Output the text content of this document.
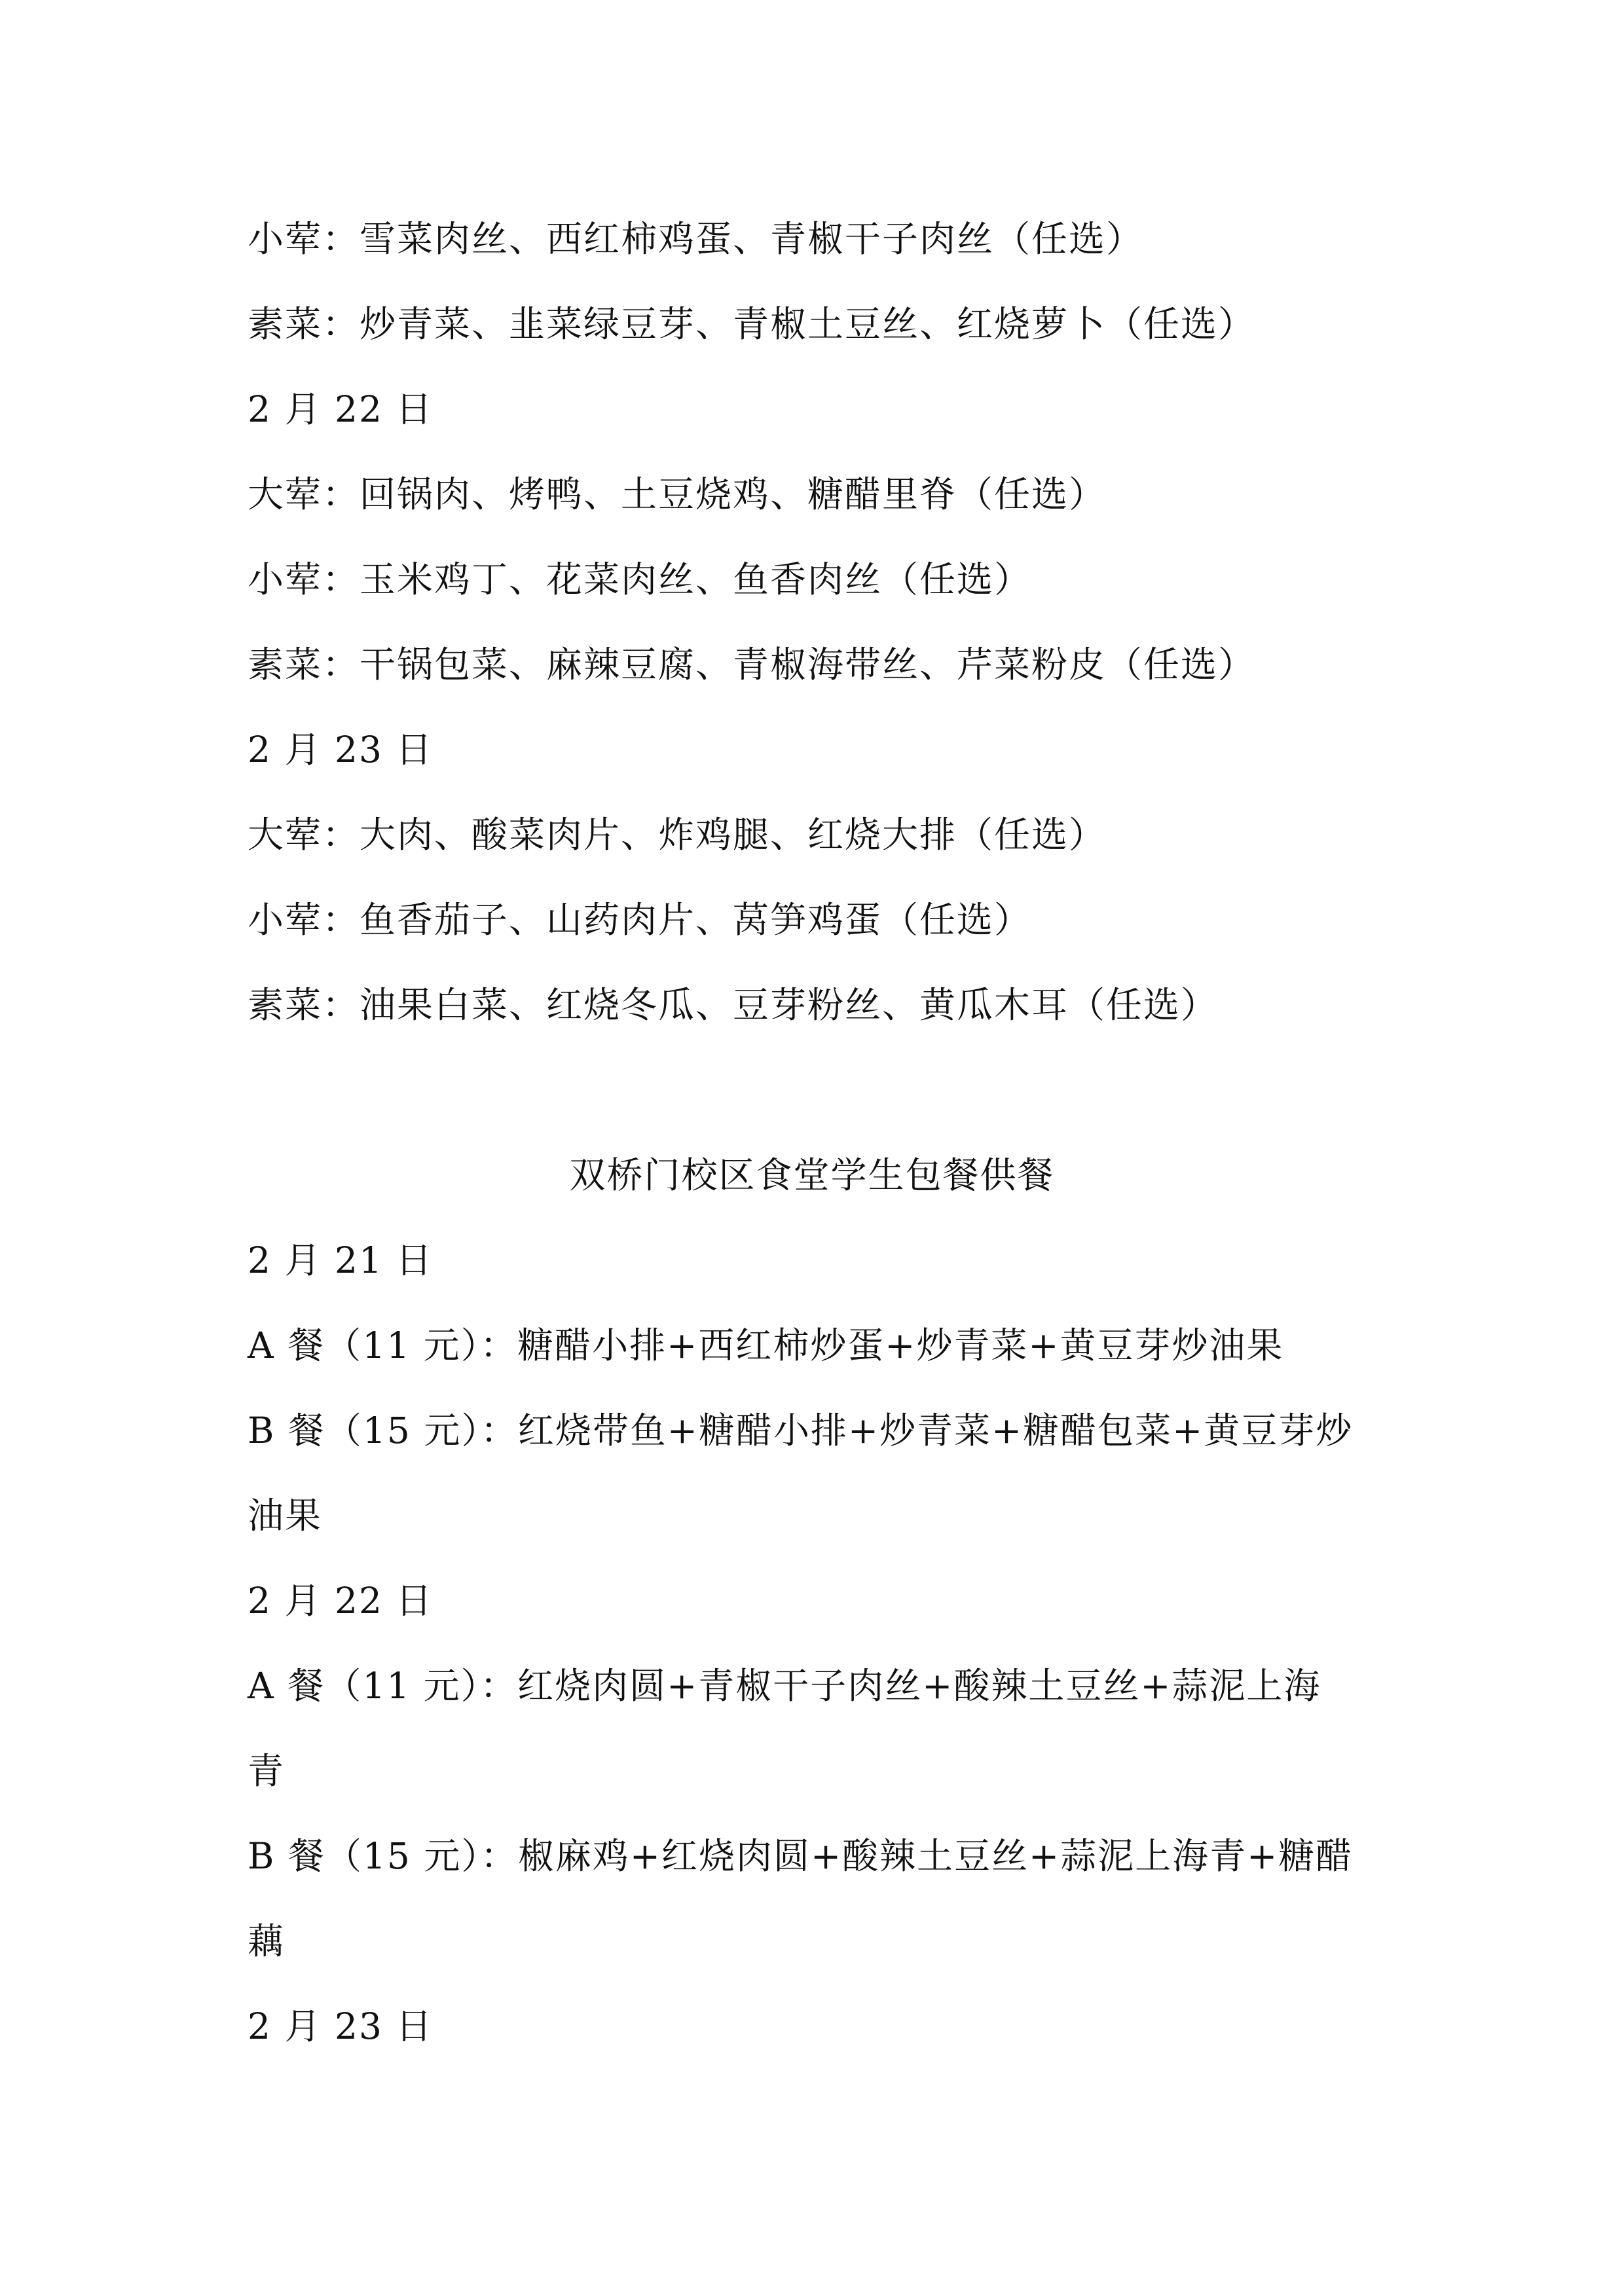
小荤：雪菜肉丝、西红柿鸡蛋、青椒干子肉丝（任选）
素菜：炒青菜、韭菜绿豆芽、青椒土豆丝、红烧萝卜（任选）
2 月 22 日
大荤：回锅肉、烤鸭、土豆烧鸡、糖醋里脊（任选）
小荤：玉米鸡丁、花菜肉丝、鱼香肉丝（任选）
素菜：干锅包菜、麻辣豆腐、青椒海带丝、芹菜粉皮（任选）
2 月 23 日
大荤：大肉、酸菜肉片、炸鸡腿、红烧大排（任选）
小荤：鱼香茄子、山药肉片、莴笋鸡蛋（任选）
素菜：油果白菜、红烧冬瓜、豆芽粉丝、黄瓜木耳（任选）
双桥门校区食堂学生包餐供餐
2 月 21 日
A 餐（11 元）：糖醋小排+西红柿炒蛋+炒青菜+黄豆芽炒油果
B 餐（15 元）：红烧带鱼+糖醋小排+炒青菜+糖醋包菜+黄豆芽炒
油果
2 月 22 日
A 餐（11 元）：红烧肉圆+青椒干子肉丝+酸辣土豆丝+蒜泥上海
青
B 餐（15 元）：椒麻鸡+红烧肉圆+酸辣土豆丝+蒜泥上海青+糖醋
藕
2 月 23 日
